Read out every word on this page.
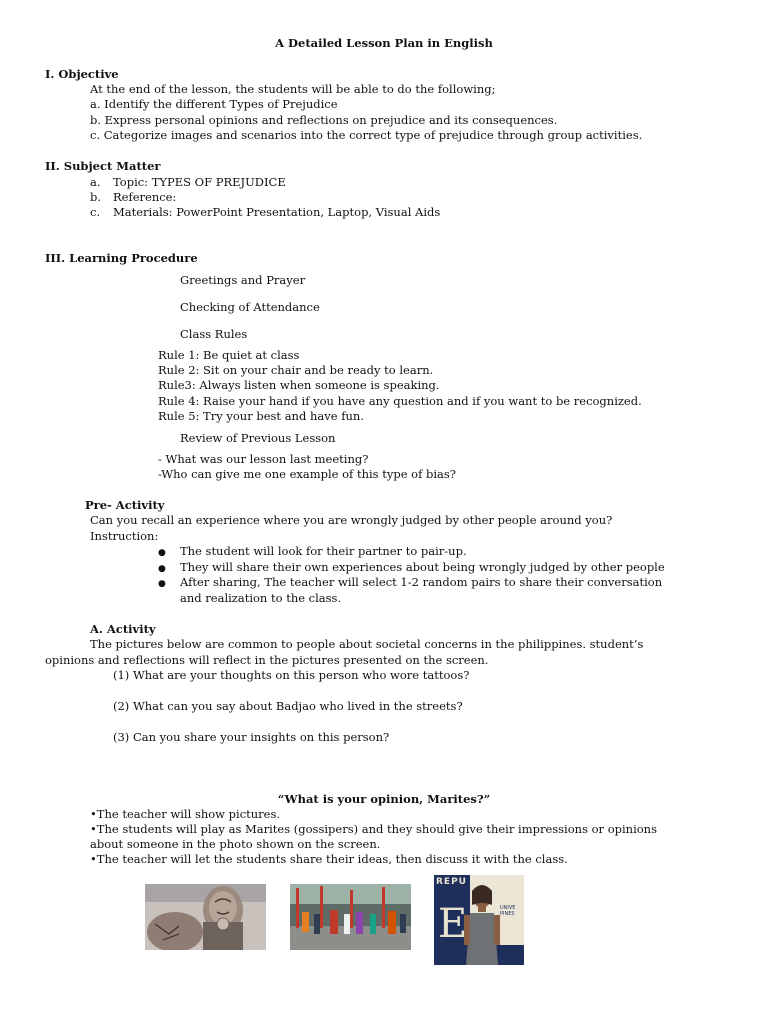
A Detailed Lesson Plan in English
I. Objective
At the end of the lesson, the students will be able to do the following;
a. Identify the different Types of Prejudice
b. Express personal opinions and reflections on prejudice and its consequences.
c. Categorize images and scenarios into the correct type of prejudice through group activities.
II. Subject Matter
a. Topic: TYPES OF PREJUDICE
b. Reference:
c. Materials: PowerPoint Presentation, Laptop, Visual Aids
III. Learning Procedure
Greetings and Prayer
Checking of Attendance
Class Rules
Rule 1: Be quiet at class
Rule 2: Sit on your chair and be ready to learn.
Rule3: Always listen when someone is speaking.
Rule 4: Raise your hand if you have any question and if you want to be recognized.
Rule 5: Try your best and have fun.
Review of Previous Lesson
- What was our lesson last meeting?
-Who can give me one example of this type of bias?
Pre- Activity
Can you recall an experience where you are wrongly judged by other people around you?
Instruction:
● The student will look for their partner to pair-up.
● They will share their own experiences about being wrongly judged by other people
● After sharing, The teacher will select 1-2 random pairs to share their conversation
and realization to the class.
A. Activity
The pictures below are common to people about societal concerns in the philippines. student’s
opinions and reflections will reflect in the pictures presented on the screen.
(1) What are your thoughts on this person who wore tattoos?
(2) What can you say about Badjao who lived in the streets?
(3) Can you share your insights on this person?
“What is your opinion, Marites?”
•The teacher will show pictures.
•The students will play as Marites (gossipers) and they should give their impressions or opinions
about someone in the photo shown on the screen.
•The teacher will let the students share their ideas, then discuss it with the class.
REPU
E	UNIVE PINES
